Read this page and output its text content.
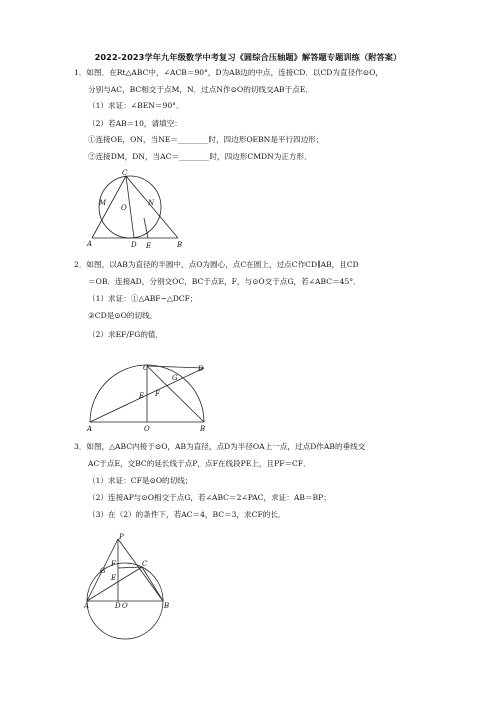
2022-2023学年九年级数学中考复习《圆综合压轴题》解答题专题训练（附答案）
1．如图．在Rt△ABC中，∠ACB＝90°，D为AB边的中点，连接CD．以CD为直径作⊙O，
分别与AC，BC相交于点M，N．过点N作⊙O的切线交AB于点E．
（1）求证：∠BEN＝90°．
（2）若AB＝10，请填空：
①连接OE，ON，当NE＝________时，四边形OEBN是平行四边形；
②连接DM，DN，当AC＝________时，四边形CMDN为正方形．
C
M	N
O
A	D E	B
2．如图，以AB为直径的半圆中，点O为圆心，点C在圆上，过点C作CD∥AB，且CD
＝OB．连接AD，分别交OC，BC于点E，F，与⊙O交于点G，若∠ABC＝45°．
（1）求证：①△ABF∽△DCF；
②CD是⊙O的切线．
（2）求EF/FG的值．
C	D
G
E F
A	O	B
3．如图，△ABC内接于⊙O，AB为直径，点D为半径OA上一点，过点D作AB的垂线交
AC于点E，交BC的延长线于点P，点F在线段PE上，且PF＝CF．
（1）求证：CF是⊙O的切线；
（2）连接AP与⊙O相交于点G，若∠ABC＝2∠PAC，求证：AB＝BP；
（3）在（2）的条件下，若AC＝4，BC＝3，求CF的长．
P
G
F	C
E
A	D O	B
